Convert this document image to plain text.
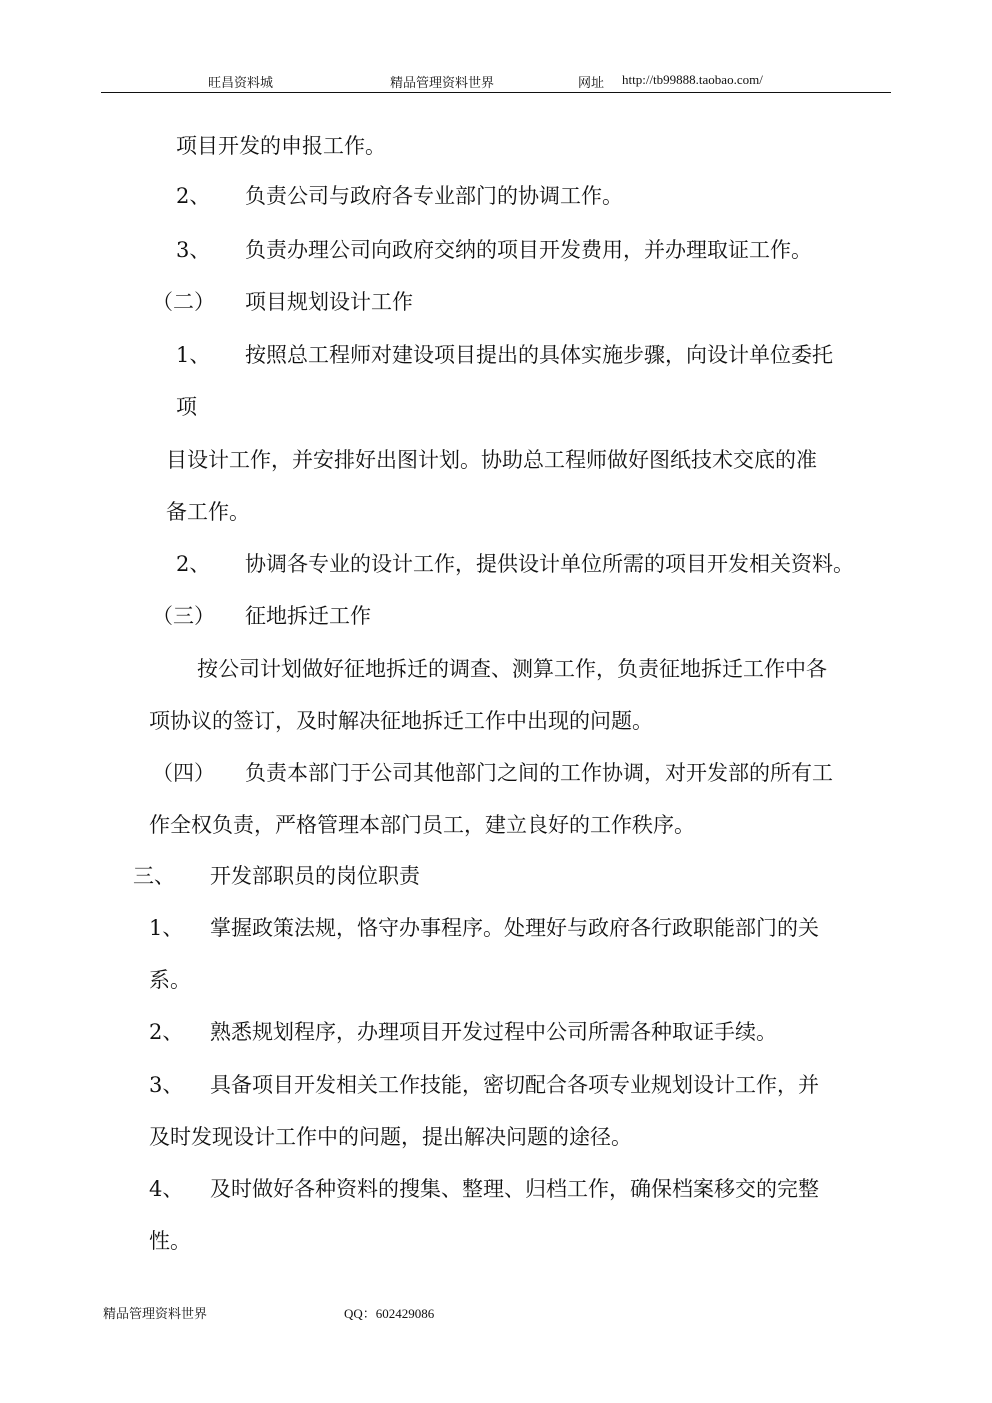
旺昌资料城	精品管理资料世界	网址 http://tb99888.taobao.com/
项目开发的申报工作。
2、 负责公司与政府各专业部门的协调工作。
3、 负责办理公司向政府交纳的项目开发费用，并办理取证工作。
（二） 项目规划设计工作
1、 按照总工程师对建设项目提出的具体实施步骤，向设计单位委托
项
目设计工作，并安排好出图计划。协助总工程师做好图纸技术交底的准
备工作。
2、 协调各专业的设计工作，提供设计单位所需的项目开发相关资料。
（三） 征地拆迁工作
按公司计划做好征地拆迁的调查、测算工作，负责征地拆迁工作中各
项协议的签订，及时解决征地拆迁工作中出现的问题。
（四） 负责本部门于公司其他部门之间的工作协调，对开发部的所有工
作全权负责，严格管理本部门员工，建立良好的工作秩序。
三、 开发部职员的岗位职责
1、 掌握政策法规，恪守办事程序。处理好与政府各行政职能部门的关
系。
2、 熟悉规划程序，办理项目开发过程中公司所需各种取证手续。
3、 具备项目开发相关工作技能，密切配合各项专业规划设计工作，并
及时发现设计工作中的问题，提出解决问题的途径。
4、 及时做好各种资料的搜集、整理、归档工作，确保档案移交的完整
性。
精品管理资料世界	QQ：602429086
